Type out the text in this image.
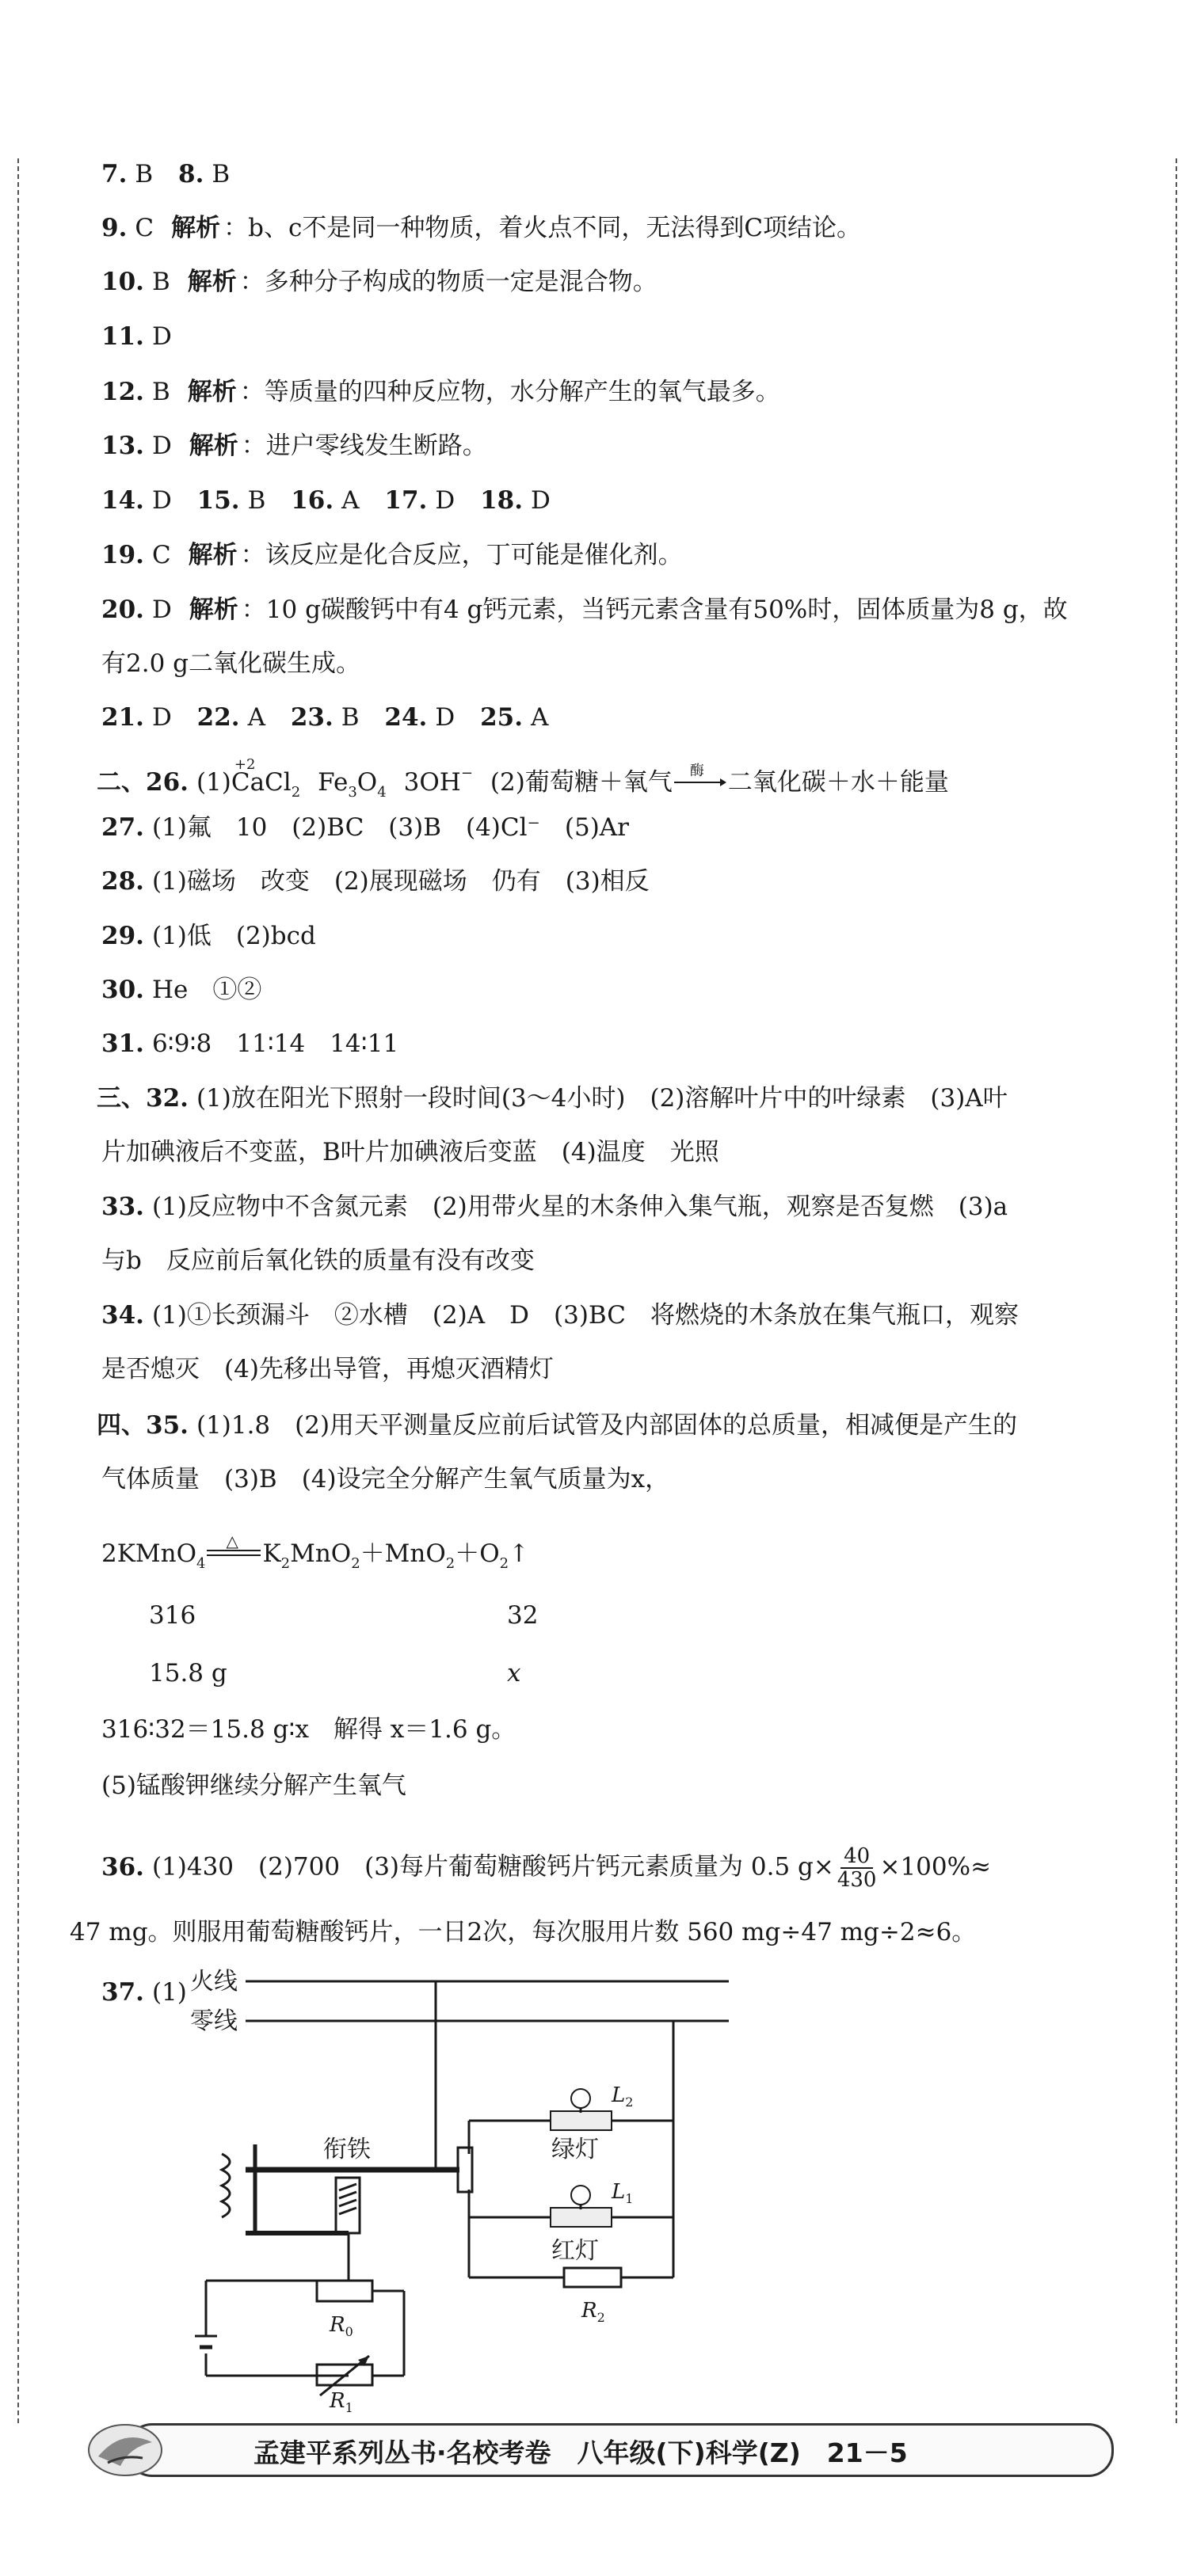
7. B 8. B
9. C 解析 ：b、c不是同一种物质，着火点不同，无法得到C项结论。
10. B 解析 ：多种分子构成的物质一定是混合物。
11. D
12. B 解析 ：等质量的四种反应物，水分解产生的氧气最多。
13. D 解析 ：进户零线发生断路。
14. D 15. B 16. A 17. D 18. D
19. C 解析 ：该反应是化合反应，丁可能是催化剂。
20. D 解析 ：10 g碳酸钙中有4 g钙元素，当钙元素含量有50%时，固体质量为8 g，故
有2.0 g二氧化碳生成。
21. D 22. A 23. B 24. D 25. A
二、26. (1)
+2
CaCl$_2$ $Fe_3O_4$ 3OH− (2)葡萄糖＋氧气 酶 二氧化碳＋水＋能量
27. (1)氟　10　(2)BC　(3)B　(4)Cl⁻　(5)Ar
28. (1)磁场　改变　(2)展现磁场　仍有　(3)相反
29. (1)低　(2)bcd
30. He　①②
31. 6∶9∶8　11∶14　14∶11
三、32. (1)放在阳光下照射一段时间(3～4小时)　(2)溶解叶片中的叶绿素　(3)A叶
片加碘液后不变蓝，B叶片加碘液后变蓝　(4)温度　光照
33. (1)反应物中不含氮元素　(2)用带火星的木条伸入集气瓶，观察是否复燃　(3)a
与b　反应前后氧化铁的质量有没有改变
34. (1)①长颈漏斗　②水槽　(2)A　D　(3)BC　将燃烧的木条放在集气瓶口，观察
是否熄灭　(4)先移出导管，再熄灭酒精灯
四、35. (1)1.8　(2)用天平测量反应前后试管及内部固体的总质量，相减便是产生的
气体质量　(3)B　(4)设完全分解产生氧气质量为x，
2KMnO$_4$
△ $K_2MnO_2+MnO_2+O_2↑$
316	32
15.8 g	x
316∶32＝15.8 g∶x　解得 x＝1.6 g。
(5)锰酸钾继续分解产生氧气
36. (1)430　(2)700　(3)每片葡萄糖酸钙片钙元素质量为 0.5 $g\times \frac{40}{430} \times 100\%\approx$
47 mg。则服用葡萄糖酸钙片，一日2次，每次服用片数 560 mg÷47 mg÷2≈6。
37. (1) 火线
零线
衔铁	绿灯
红灯
$L_2$
$L_1$
$R_0$
$R_1$
$R_2$
孟建平系列丛书·名校考卷　八年级(下)科学(Z)　21－5
